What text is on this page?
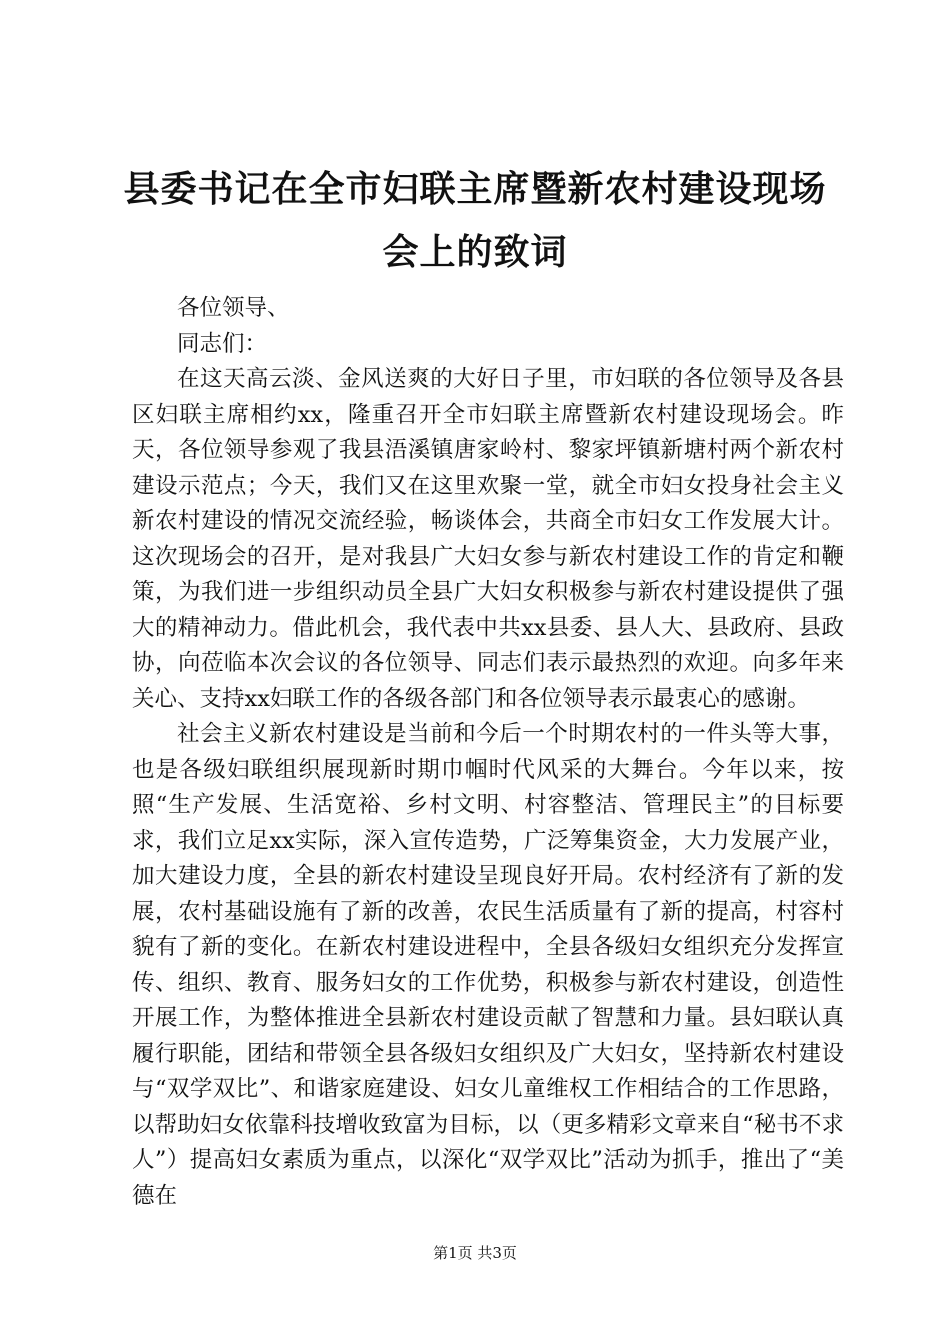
县委书记在全市妇联主席暨新农村建设现场会上的致词

各位领导、

同志们：

在这天高云淡、金风送爽的大好日子里，市妇联的各位领导及各县区妇联主席相约xx，隆重召开全市妇联主席暨新农村建设现场会。昨天，各位领导参观了我县浯溪镇唐家岭村、黎家坪镇新塘村两个新农村建设示范点；今天，我们又在这里欢聚一堂，就全市妇女投身社会主义新农村建设的情况交流经验，畅谈体会，共商全市妇女工作发展大计。这次现场会的召开，是对我县广大妇女参与新农村建设工作的肯定和鞭策，为我们进一步组织动员全县广大妇女积极参与新农村建设提供了强大的精神动力。借此机会，我代表中共xx县委、县人大、县政府、县政协，向莅临本次会议的各位领导、同志们表示最热烈的欢迎。向多年来关心、支持xx妇联工作的各级各部门和各位领导表示最衷心的感谢。

社会主义新农村建设是当前和今后一个时期农村的一件头等大事，也是各级妇联组织展现新时期巾帼时代风采的大舞台。今年以来，按照“生产发展、生活宽裕、乡村文明、村容整洁、管理民主”的目标要求，我们立足xx实际，深入宣传造势，广泛筹集资金，大力发展产业，加大建设力度，全县的新农村建设呈现良好开局。农村经济有了新的发展，农村基础设施有了新的改善，农民生活质量有了新的提高，村容村貌有了新的变化。在新农村建设进程中，全县各级妇女组织充分发挥宣传、组织、教育、服务妇女的工作优势，积极参与新农村建设，创造性开展工作，为整体推进全县新农村建设贡献了智慧和力量。县妇联认真履行职能，团结和带领全县各级妇女组织及广大妇女，坚持新农村建设与“双学双比”、和谐家庭建设、妇女儿童维权工作相结合的工作思路，以帮助妇女依靠科技增收致富为目标，以（更多精彩文章来自“秘书不求人”）提高妇女素质为重点，以深化“双学双比”活动为抓手，推出了“美德在

第1页 共3页
